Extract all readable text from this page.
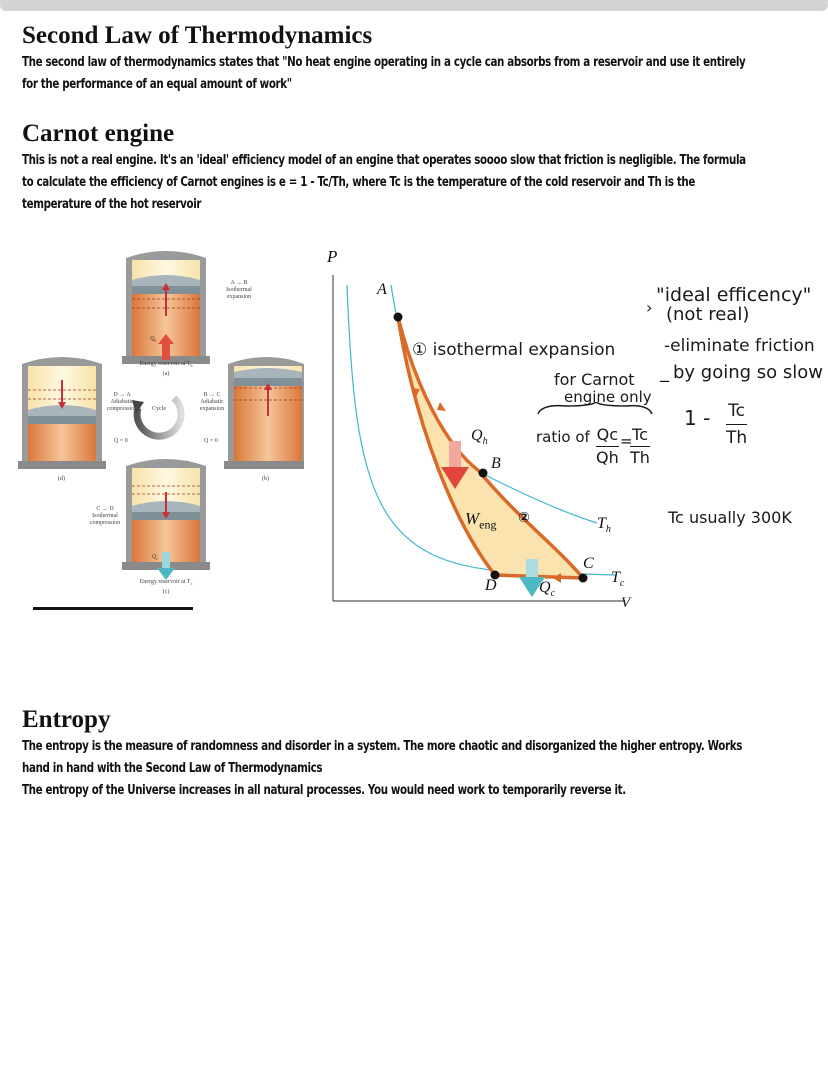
Second Law of Thermodynamics

The second law of thermodynamics states that "No heat engine operating in a cycle can absorbs from a reservoir and use it entirely

for the performance of an equal amount of work"

Carnot engine

This is not a real engine. It's an 'ideal' efficiency model of an engine that operates soooo slow that friction is negligible. The formula

to calculate the efficiency of Carnot engines is e = 1 - Tc/Th, where Tc is the temperature of the cold reservoir and Th is the

temperature of the hot reservoir

A → B
Isothermal
expansion
Energy reservoir at $T_h$
(a)
$Q_h$
D → A
Adiabatic
compression
Q = 0
(d)
Cycle
B → C
Adiabatic
expansion
Q = 0
(b)
C → D
Isothermal
compression
$Q_c$
Energy reservoir at $T_c$
(c)
P
V
A
B
C
D
$Q_h$
$Q_c$
$W_{eng}$	$T_h$
$T_c$
① isothermal expansion
②
for Carnot
engine only
ratio of Qc
Qh
= Tc
Th
›
"ideal efficency"
(not real)
-eliminate friction
_ by going so slow
1 - Tc
Th
Tc usually 300K
Entropy

The entropy is the measure of randomness and disorder in a system. The more chaotic and disorganized the higher entropy. Works

hand in hand with the Second Law of Thermodynamics

The entropy of the Universe increases in all natural processes. You would need work to temporarily reverse it.
